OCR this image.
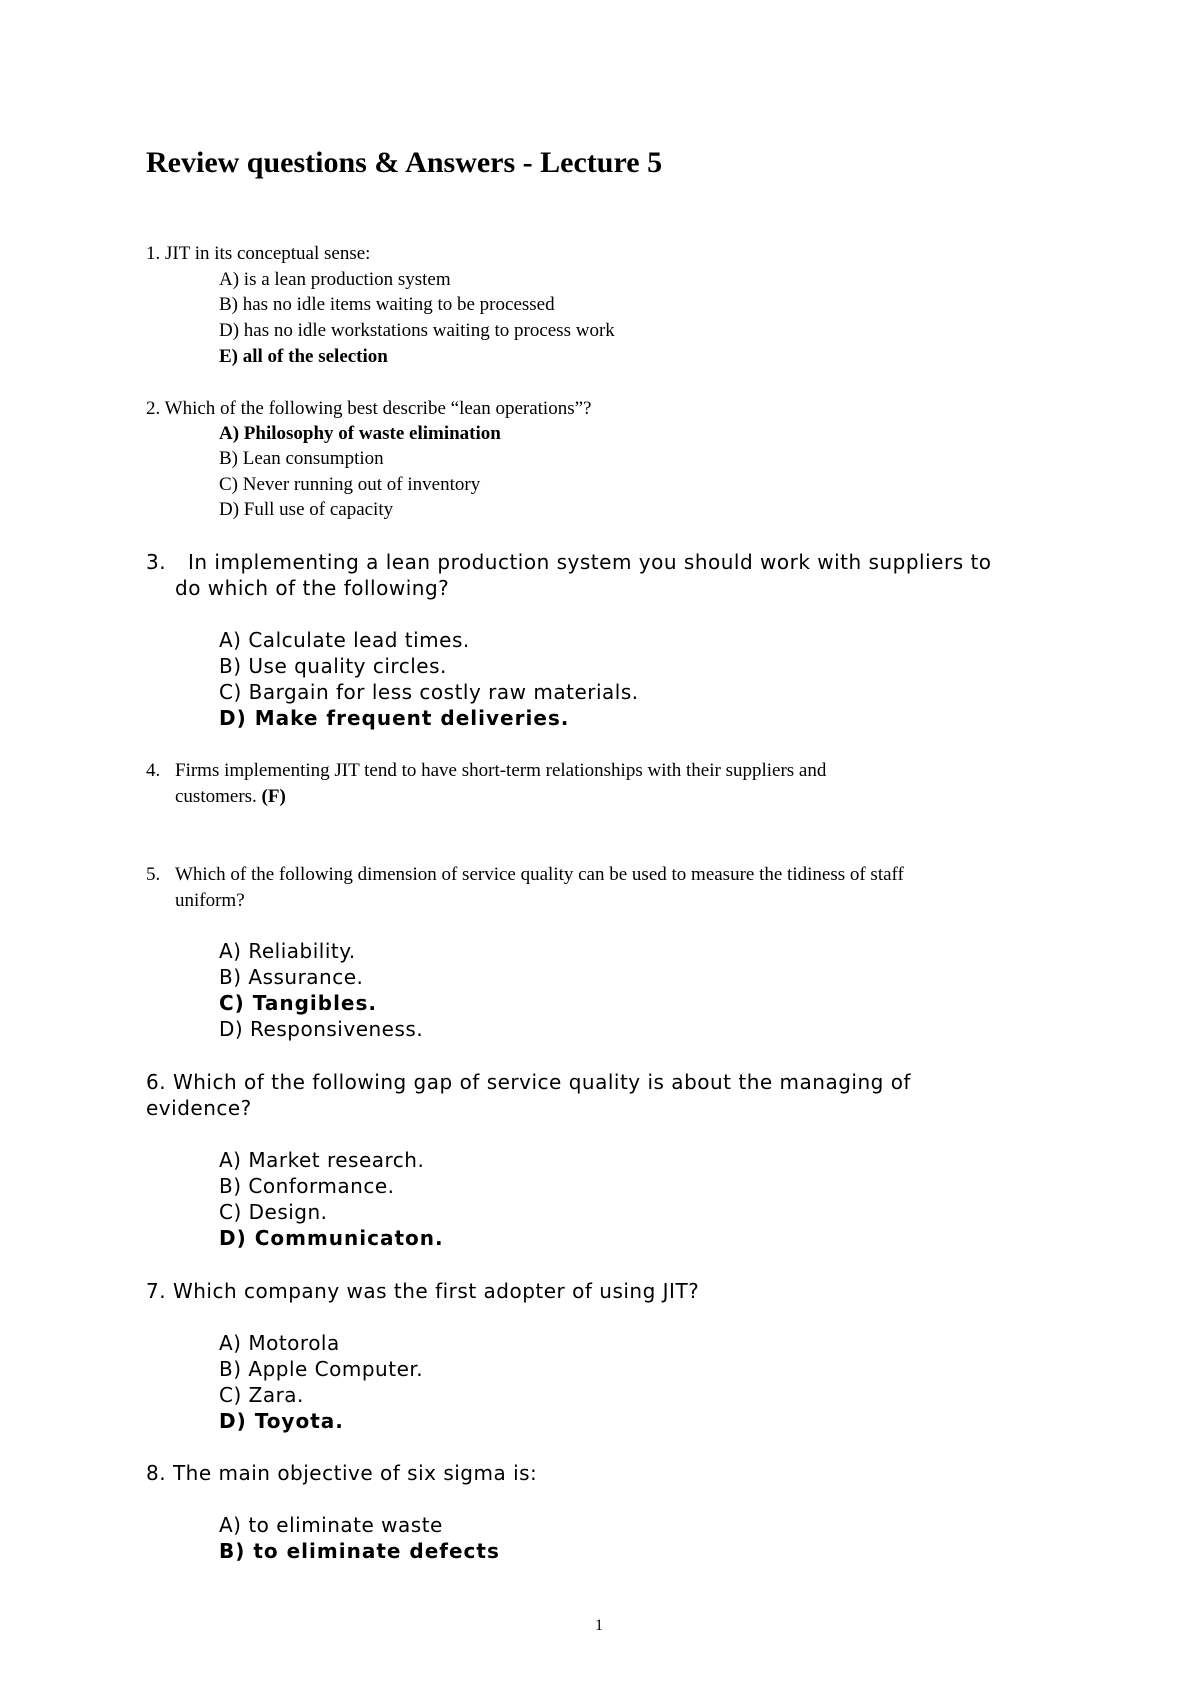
Review questions & Answers - Lecture 5
1. JIT in its conceptual sense:
A) is a lean production system
B) has no idle items waiting to be processed
D) has no idle workstations waiting to process work
E) all of the selection
2. Which of the following best describe “lean operations”?
A) Philosophy of waste elimination
B) Lean consumption
C) Never running out of inventory
D) Full use of capacity
3. In implementing a lean production system you should work with suppliers to
do which of the following?
A) Calculate lead times.
B) Use quality circles.
C) Bargain for less costly raw materials.
D) Make frequent deliveries.
4. Firms implementing JIT tend to have short-term relationships with their suppliers and
customers. (F)
5. Which of the following dimension of service quality can be used to measure the tidiness of staff
uniform?
A) Reliability.
B) Assurance.
C) Tangibles.
D) Responsiveness.
6. Which of the following gap of service quality is about the managing of
evidence?
A) Market research.
B) Conformance.
C) Design.
D) Communicaton.
7. Which company was the first adopter of using JIT?
A) Motorola
B) Apple Computer.
C) Zara.
D) Toyota.
8. The main objective of six sigma is:
A) to eliminate waste
B) to eliminate defects
1
